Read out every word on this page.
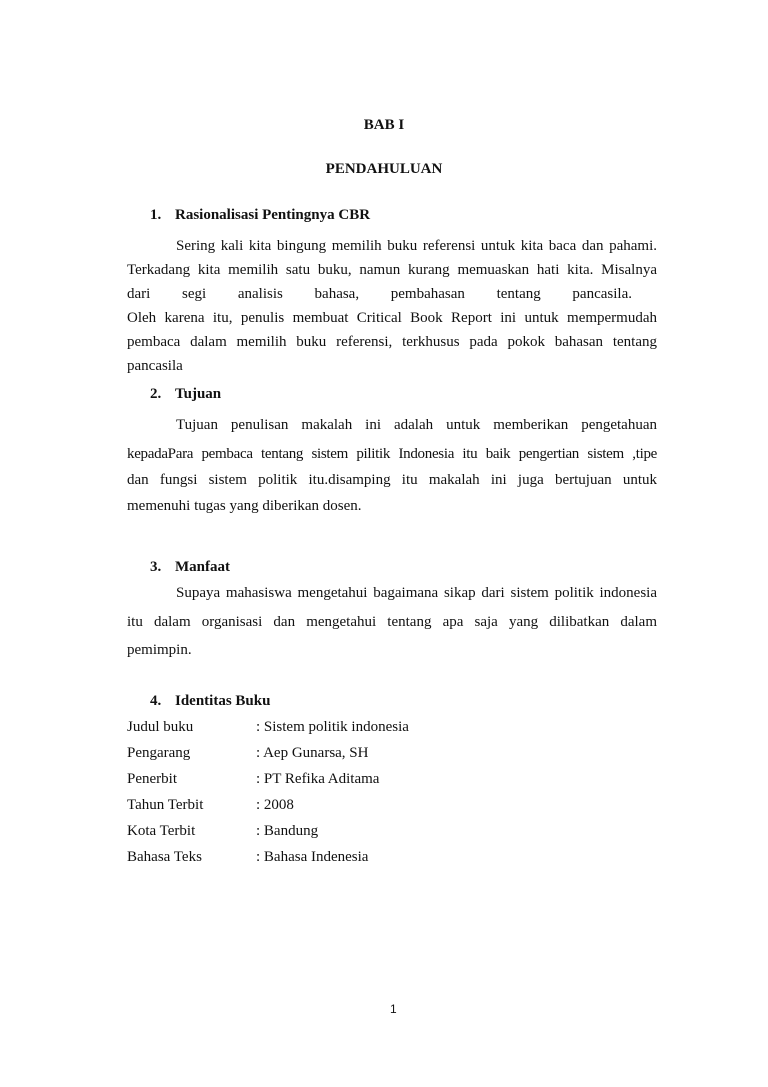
BAB I
PENDAHULUAN
1. Rasionalisasi Pentingnya CBR
Sering kali kita bingung memilih buku referensi untuk kita baca dan pahami.
Terkadang kita memilih satu buku, namun kurang memuaskan hati kita. Misalnya
dari segi analisis bahasa, pembahasan tentang pancasila.
Oleh karena itu, penulis membuat Critical Book Report ini untuk mempermudah
pembaca dalam memilih buku referensi, terkhusus pada pokok bahasan tentang
pancasila
2. Tujuan
Tujuan penulisan makalah ini adalah untuk memberikan pengetahuan
kepadaPara pembaca tentang sistem pilitik Indonesia itu baik pengertian sistem ,tipe
dan fungsi sistem politik itu.disamping itu makalah ini juga bertujuan untuk
memenuhi tugas yang diberikan dosen.
3. Manfaat
Supaya mahasiswa mengetahui bagaimana sikap dari sistem politik indonesia
itu dalam organisasi dan mengetahui tentang apa saja yang dilibatkan dalam
pemimpin.
4. Identitas Buku
Judul buku	: Sistem politik indonesia
Pengarang	: Aep Gunarsa, SH
Penerbit	: PT Refika Aditama
Tahun Terbit	: 2008
Kota Terbit	: Bandung
Bahasa Teks	: Bahasa Indenesia
1
